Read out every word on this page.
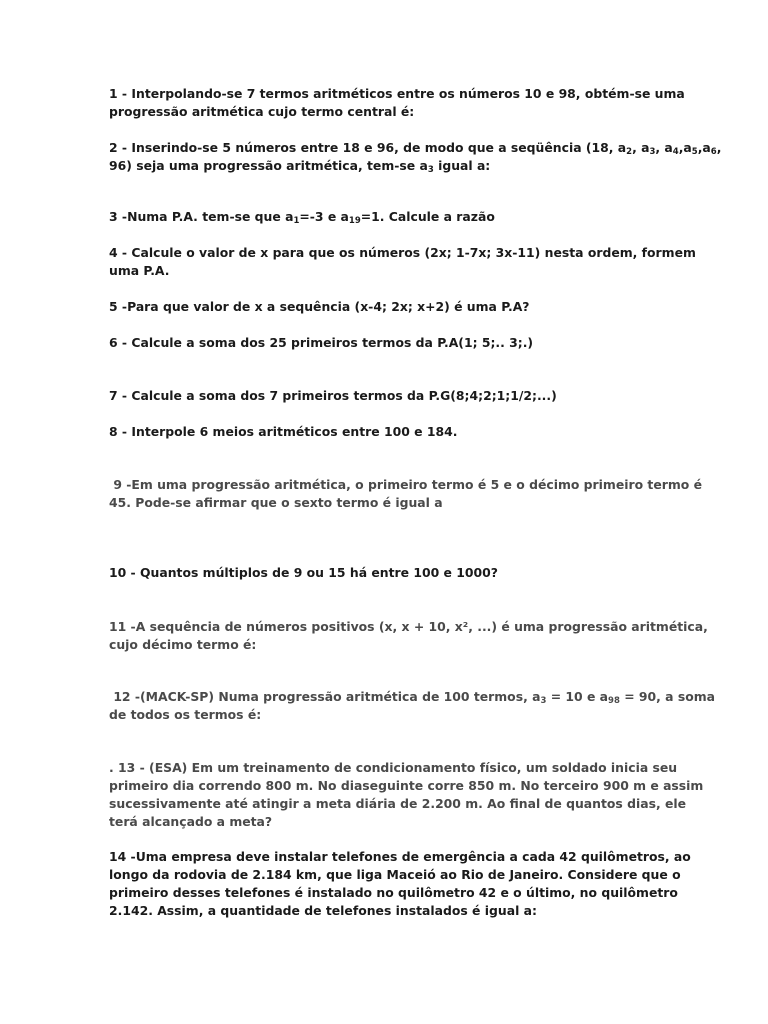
1 - Interpolando-se 7 termos aritméticos entre os números 10 e 98, obtém-se uma
progressão aritmética cujo termo central é:

2 - Inserindo-se 5 números entre 18 e 96, de modo que a seqüência (18, $a_2$, $a_3$, $a_4,a_5,a_6$,
96) seja uma progressão aritmética, tem-se $a_3$ igual a:

3 -Numa P.A. tem-se que $a_1=-3$ e $a_{19}=1$. Calcule a razão

4 - Calcule o valor de x para que os números (2x; 1-7x; 3x-11) nesta ordem, formem
uma P.A.

5 -Para que valor de x a sequência (x-4; 2x; x+2) é uma P.A?

6 - Calcule a soma dos 25 primeiros termos da P.A(1; 5;.. 3;.)

7 - Calcule a soma dos 7 primeiros termos da P.G(8;4;2;1;1/2;...)

8 - Interpole 6 meios aritméticos entre 100 e 184.

9 -Em uma progressão aritmética, o primeiro termo é 5 e o décimo primeiro termo é
45. Pode-se afirmar que o sexto termo é igual a

10 - Quantos múltiplos de 9 ou 15 há entre 100 e 1000?

11 -A sequência de números positivos (x, x + 10, x², ...) é uma progressão aritmética,
cujo décimo termo é:

12 -(MACK-SP) Numa progressão aritmética de 100 termos, $a_3 = 10$ e $a_{98} = 90$, a soma
de todos os termos é:

. 13 - (ESA) Em um treinamento de condicionamento físico, um soldado inicia seu
primeiro dia correndo 800 m. No diaseguinte corre 850 m. No terceiro 900 m e assim
sucessivamente até atingir a meta diária de 2.200 m. Ao final de quantos dias, ele
terá alcançado a meta?

14 -Uma empresa deve instalar telefones de emergência a cada 42 quilômetros, ao
longo da rodovia de 2.184 km, que liga Maceió ao Rio de Janeiro. Considere que o
primeiro desses telefones é instalado no quilômetro 42 e o último, no quilômetro
2.142. Assim, a quantidade de telefones instalados é igual a:
